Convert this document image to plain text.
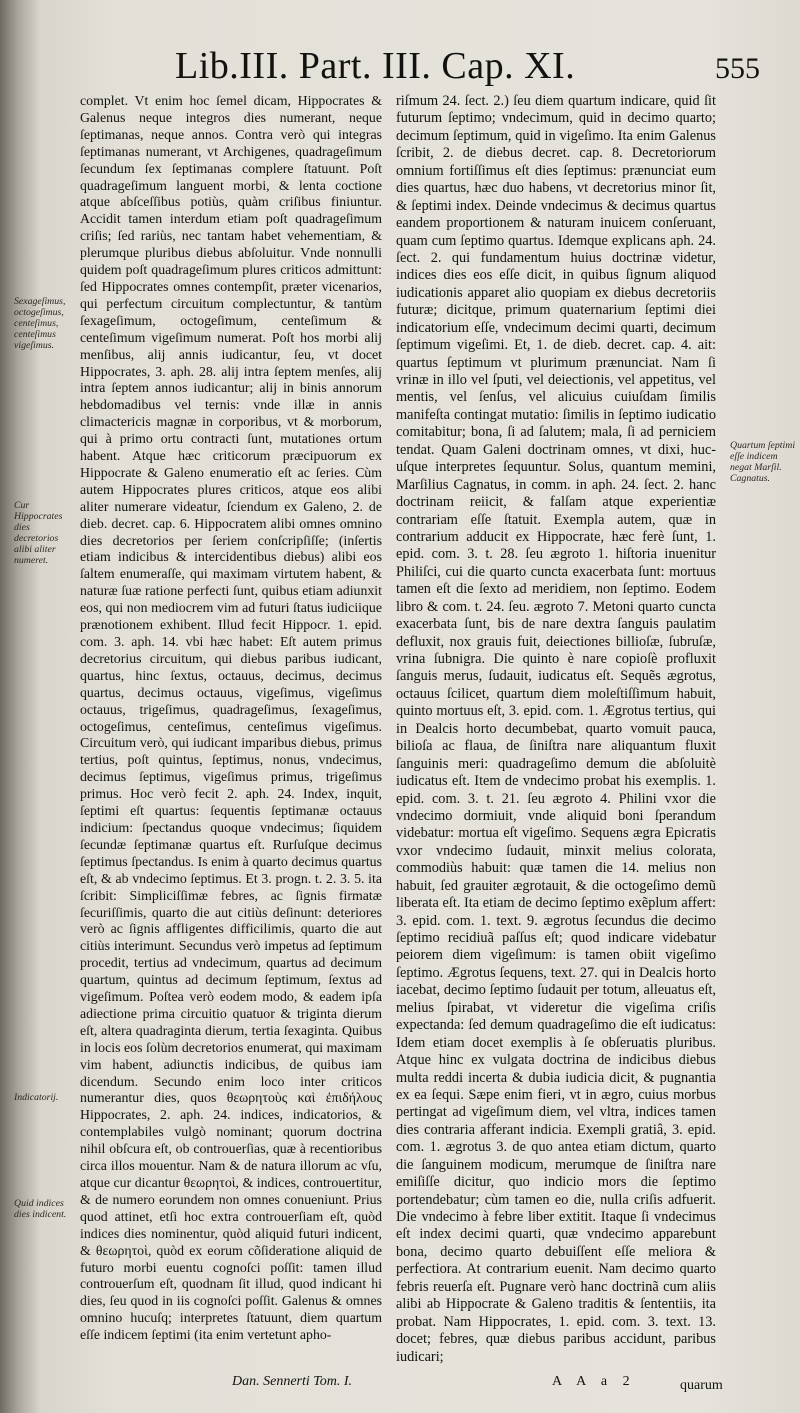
Lib.III. Part. III. Cap. XI.	555

complet. Vt enim hoc ſemel dicam, Hippocrates & Galenus neque integros dies numerant, neque ſeptimanas, neque annos. Contra verò qui integras ſeptimanas numerant, vt Archigenes, quadrageſimum ſecundum ſex ſeptimanas complere ſtatuunt. Poſt quadrageſimum languent morbi, & lenta coctione atque abſceſſibus potiùs, quàm criſibus finiuntur. Accidit tamen interdum etiam poſt quadrageſimum criſis; ſed rariùs, nec tantam habet vehementiam, & plerumque pluribus diebus abſoluitur. Vnde nonnulli quidem poſt quadrageſimum plures criticos admittunt: ſed Hippocrates omnes contempſit, præter vicenarios, qui perfectum circuitum complectuntur, & tantùm ſexageſimum, octogeſimum, centeſimum & centeſimum vigeſimum numerat. Poſt hos morbi alij menſibus, alij annis iudicantur, ſeu, vt docet Hippocrates, 3. aph. 28. alij intra ſeptem menſes, alij intra ſeptem annos iudicantur; alij in binis annorum hebdomadibus vel ternis: vnde illæ in annis climactericis magnæ in corporibus, vt & morborum, qui à primo ortu contracti ſunt, mutationes ortum habent. Atque hæc criticorum præcipuorum ex Hippocrate & Galeno enumeratio eſt ac ſeries. Cùm autem Hippocrates plures criticos, atque eos alibi aliter numerare videatur, ſciendum ex Galeno, 2. de dieb. decret. cap. 6. Hippocratem alibi omnes omnino dies decretorios per ſeriem conſcripſiſſe; (inſertis etiam indicibus & intercidentibus diebus) alibi eos ſaltem enumeraſſe, qui maximam virtutem habent, & naturæ ſuæ ratione perfecti ſunt, quibus etiam adiunxit eos, qui non mediocrem vim ad futuri ſtatus iudiciique prænotionem exhibent. Illud fecit Hippocr. 1. epid. com. 3. aph. 14. vbi hæc habet: Eſt autem primus decretorius circuitum, qui diebus paribus iudicant, quartus, hinc ſextus, octauus, decimus, decimus quartus, decimus octauus, vigeſimus, vigeſimus octauus, trigeſimus, quadrageſimus, ſexageſimus, octogeſimus, centeſimus, centeſimus vigeſimus. Circuitum verò, qui iudicant imparibus diebus, primus tertius, poſt quintus, ſeptimus, nonus, vndecimus, decimus ſeptimus, vigeſimus primus, trigeſimus primus. Hoc verò fecit 2. aph. 24. Index, inquit, ſeptimi eſt quartus: ſequentis ſeptimanæ octauus indicium: ſpectandus quoque vndecimus; ſiquidem ſecundæ ſeptimanæ quartus eſt. Rurſuſque decimus ſeptimus ſpectandus. Is enim à quarto decimus quartus eſt, & ab vndecimo ſeptimus. Et 3. progn. t. 2. 3. 5. ita ſcribit: Simpliciſſimæ febres, ac ſignis firmatæ ſecuriſſimis, quarto die aut citiùs deſinunt: deteriores verò ac ſignis affligentes difficilimis, quarto die aut citiùs interimunt. Secundus verò impetus ad ſeptimum procedit, tertius ad vndecimum, quartus ad decimum quartum, quintus ad decimum ſeptimum, ſextus ad vigeſimum. Poſtea verò eodem modo, & eadem ipſa adiectione prima circuitio quatuor & triginta dierum eſt, altera quadraginta dierum, tertia ſexaginta. Quibus in locis eos ſolùm decretorios enumerat, qui maximam vim habent, adiunctis indicibus, de quibus iam dicendum. Secundo enim loco inter criticos numerantur dies, quos θεωρητοὺς καὶ ἐπιδήλους Hippocrates, 2. aph. 24. indices, indicatorios, & contemplabiles vulgò nominant; quorum doctrina nihil obſcura eſt, ob controuerſias, quæ à recentioribus circa illos mouentur. Nam & de natura illorum ac vſu, atque cur dicantur θεωρητοὶ, & indices, controuertitur, & de numero eorundem non omnes conueniunt. Prius quod attinet, etſi hoc extra controuerſiam eſt, quòd indices dies nominentur, quòd aliquid futuri indicent, & θεωρητοὶ, quòd ex eorum cõſideratione aliquid de futuro morbi euentu cognoſci poſſit: tamen illud controuerſum eſt, quodnam ſit illud, quod indicant hi dies, ſeu quod in iis cognoſci poſſit. Galenus & omnes omnino hucuſq; interpretes ſtatuunt, diem quartum eſſe indicem ſeptimi (ita enim vertetunt apho-

riſmum 24. ſect. 2.) ſeu diem quartum indicare, quid ſit futurum ſeptimo; vndecimum, quid in decimo quarto; decimum ſeptimum, quid in vigeſimo. Ita enim Galenus ſcribit, 2. de diebus decret. cap. 8. Decretoriorum omnium fortiſſimus eſt dies ſeptimus: prænunciat eum dies quartus, hæc duo habens, vt decretorius minor ſit, & ſeptimi index. Deinde vndecimus & decimus quartus eandem proportionem & naturam inuicem conſeruant, quam cum ſeptimo quartus. Idemque explicans aph. 24. ſect. 2. qui fundamentum huius doctrinæ videtur, indices dies eos eſſe dicit, in quibus ſignum aliquod iudicationis apparet alio quopiam ex diebus decretoriis futuræ; dicitque, primum quaternarium ſeptimi diei indicatorium eſſe, vndecimum decimi quarti, decimum ſeptimum vigeſimi. Et, 1. de dieb. decret. cap. 4. ait: quartus ſeptimum vt plurimum prænunciat. Nam ſi vrinæ in illo vel ſputi, vel deiectionis, vel appetitus, vel mentis, vel ſenſus, vel alicuius cuiuſdam ſimilis manifeſta contingat mutatio: ſimilis in ſeptimo iudicatio comitabitur; bona, ſi ad ſalutem; mala, ſi ad perniciem tendat. Quam Galeni doctrinam omnes, vt dixi, huc-uſque interpretes ſequuntur. Solus, quantum memini, Marſilius Cagnatus, in comm. in aph. 24. ſect. 2. hanc doctrinam reiicit, & falſam atque experientiæ contrariam eſſe ſtatuit. Exempla autem, quæ in contrarium adducit ex Hippocrate, hæc ferè ſunt, 1. epid. com. 3. t. 28. ſeu ægroto 1. hiſtoria inuenitur Philiſci, cui die quarto cuncta exacerbata ſunt: mortuus tamen eſt die ſexto ad meridiem, non ſeptimo. Eodem libro & com. t. 24. ſeu. ægroto 7. Metoni quarto cuncta exacerbata ſunt, bis de nare dextra ſanguis paulatim defluxit, nox grauis fuit, deiectiones billioſæ, ſubruſæ, vrina ſubnigra. Die quinto è nare copioſè profluxit ſanguis merus, ſudauit, iudicatus eſt. Sequẽs ægrotus, octauus ſcilicet, quartum diem moleſtiſſimum habuit, quinto mortuus eſt, 3. epid. com. 1. Ægrotus tertius, qui in Dealcis horto decumbebat, quarto vomuit pauca, bilioſa ac flaua, de ſiniſtra nare aliquantum fluxit ſanguinis meri: quadrageſimo demum die abſoluitè iudicatus eſt. Item de vndecimo probat his exemplis. 1. epid. com. 3. t. 21. ſeu ægroto 4. Philini vxor die vndecimo dormiuit, vnde aliquid boni ſperandum videbatur: mortua eſt vigeſimo. Sequens ægra Epicratis vxor vndecimo ſudauit, minxit melius colorata, commodiùs habuit: quæ tamen die 14. melius non habuit, ſed grauiter ægrotauit, & die octogeſimo demũ liberata eſt. Ita etiam de decimo ſeptimo exẽplum affert: 3. epid. com. 1. text. 9. ægrotus ſecundus die decimo ſeptimo recidiuã paſſus eſt; quod indicare videbatur peiorem diem vigeſimum: is tamen obiit vigeſimo ſeptimo. Ægrotus ſequens, text. 27. qui in Dealcis horto iacebat, decimo ſeptimo ſudauit per totum, alleuatus eſt, melius ſpirabat, vt videretur die vigeſima criſis expectanda: ſed demum quadrageſimo die eſt iudicatus: Idem etiam docet exemplis à ſe obſeruatis pluribus. Atque hinc ex vulgata doctrina de indicibus diebus multa reddi incerta & dubia iudicia dicit, & pugnantia ex ea ſequi. Sæpe enim fieri, vt in ægro, cuius morbus pertingat ad vigeſimum diem, vel vltra, indices tamen dies contraria afferant indicia. Exempli gratiâ, 3. epid. com. 1. ægrotus 3. de quo antea etiam dictum, quarto die ſanguinem modicum, merumque de ſiniſtra nare emiſiſſe dicitur, quo indicio mors die ſeptimo portendebatur; cùm tamen eo die, nulla criſis adfuerit. Die vndecimo à febre liber extitit. Itaque ſi vndecimus eſt index decimi quarti, quæ vndecimo apparebunt bona, decimo quarto debuiſſent eſſe meliora & perfectiora. At contrarium euenit. Nam decimo quarto febris reuerſa eſt. Pugnare verò hanc doctrinã cum aliis alibi ab Hippocrate & Galeno traditis & ſententiis, ita probat. Nam Hippocrates, 1. epid. com. 3. text. 13. docet; febres, quæ diebus paribus accidunt, paribus iudicari;

Sexageſimus, octogeſimus, centeſimus, centeſimus vigeſimus.
Cur Hippocrates dies decretorios alibi aliter numeret.
Indicatorij.
Quid indices dies indicent.
Quartum ſeptimi eſſe indicem negat Marſil. Cagnatus.
Dan. Sennerti Tom. I.	A A a 2	quarum
